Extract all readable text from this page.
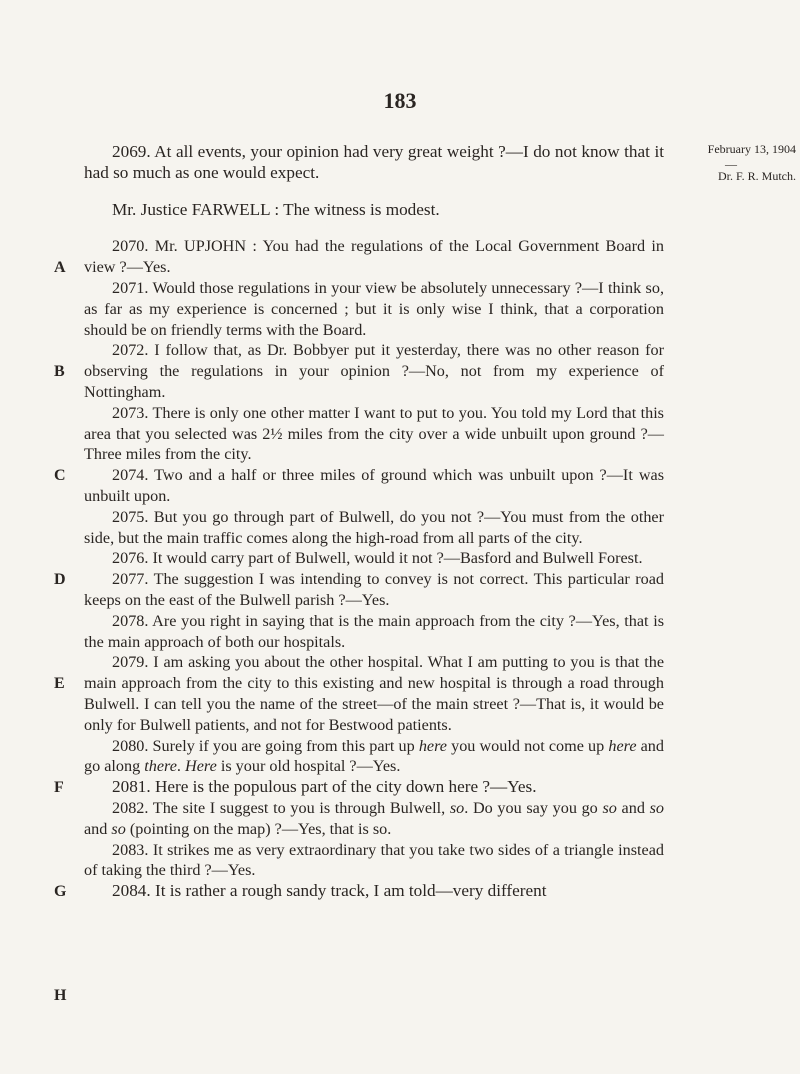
183
February 13, 1904
—
Dr. F. R. Mutch.
A
B
C
D
E
F
G
H

2069. At all events, your opinion had very great weight ?—I do not know that it had so much as one would expect.

Mr. Justice FARWELL : The witness is modest.

2070. Mr. UPJOHN : You had the regulations of the Local Government Board in view ?—Yes.

2071. Would those regulations in your view be absolutely unnecessary ?—I think so, as far as my experience is concerned ; but it is only wise I think, that a corporation should be on friendly terms with the Board.

2072. I follow that, as Dr. Bobbyer put it yesterday, there was no other reason for observing the regulations in your opinion ?—No, not from my experience of Nottingham.

2073. There is only one other matter I want to put to you. You told my Lord that this area that you selected was 2½ miles from the city over a wide unbuilt upon ground ?—Three miles from the city.

2074. Two and a half or three miles of ground which was unbuilt upon ?—It was unbuilt upon.

2075. But you go through part of Bulwell, do you not ?—You must from the other side, but the main traffic comes along the high-road from all parts of the city.

2076. It would carry part of Bulwell, would it not ?—Basford and Bulwell Forest.

2077. The suggestion I was intending to convey is not correct. This particular road keeps on the east of the Bulwell parish ?—Yes.

2078. Are you right in saying that is the main approach from the city ?—Yes, that is the main approach of both our hospitals.

2079. I am asking you about the other hospital. What I am putting to you is that the main approach from the city to this existing and new hospital is through a road through Bulwell. I can tell you the name of the street—of the main street ?—That is, it would be only for Bulwell patients, and not for Bestwood patients.

2080. Surely if you are going from this part up here you would not come up here and go along there. Here is your old hospital ?—Yes.

2081. Here is the populous part of the city down here ?—Yes.

2082. The site I suggest to you is through Bulwell, so. Do you say you go so and so and so (pointing on the map) ?—Yes, that is so.

2083. It strikes me as very extraordinary that you take two sides of a triangle instead of taking the third ?—Yes.

2084. It is rather a rough sandy track, I am told—very different
